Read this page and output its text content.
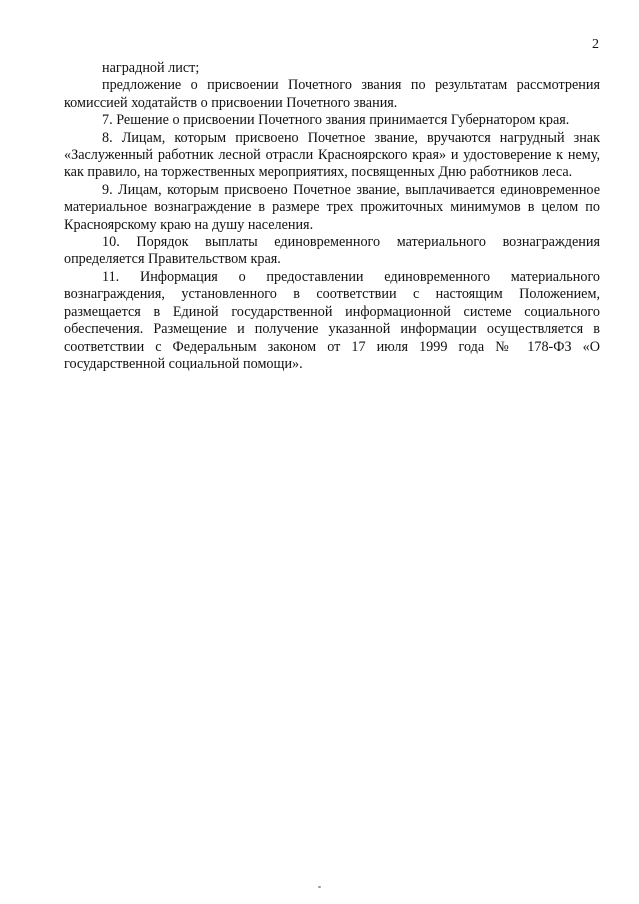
2

наградной лист;

предложение о присвоении Почетного звания по результатам рассмотрения комиссией ходатайств о присвоении Почетного звания.

7. Решение о присвоении Почетного звания принимается Губернатором края.

8. Лицам, которым присвоено Почетное звание, вручаются нагрудный знак «Заслуженный работник лесной отрасли Красноярского края» и удостоверение к нему, как правило, на торжественных мероприятиях, посвященных Дню работников леса.

9. Лицам, которым присвоено Почетное звание, выплачивается единовременное материальное вознаграждение в размере трех прожиточных минимумов в целом по Красноярскому краю на душу населения.

10. Порядок выплаты единовременного материального вознаграждения определяется Правительством края.

11. Информация о предоставлении единовременного материального вознаграждения, установленного в соответствии с настоящим Положением, размещается в Единой государственной информационной системе социального обеспечения. Размещение и получение указанной информации осуществляется в соответствии с Федеральным законом от 17 июля 1999 года № 178-ФЗ «О государственной социальной помощи».
